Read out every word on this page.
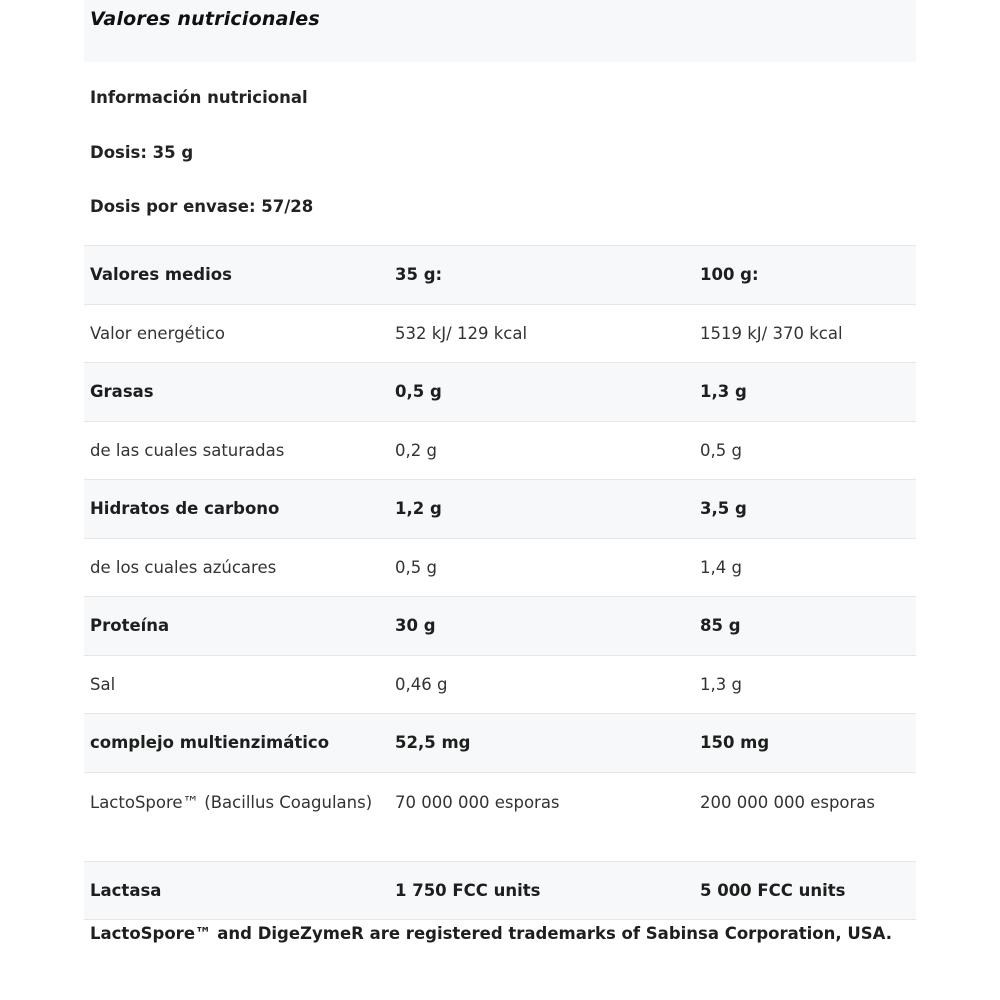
Valores nutricionales
Información nutricional
Dosis: 35 g
Dosis por envase: 57/28
Valores medios	35 g:	100 g:
Valor energético	532 kJ/ 129 kcal	1519 kJ/ 370 kcal
Grasas	0,5 g	1,3 g
de las cuales saturadas	0,2 g	0,5 g
Hidratos de carbono	1,2 g	3,5 g
de los cuales azúcares	0,5 g	1,4 g
Proteína	30 g	85 g
Sal	0,46 g	1,3 g
complejo multienzimático	52,5 mg	150 mg
LactoSpore™ (Bacillus Coagulans)	70 000 000 esporas	200 000 000 esporas
Lactasa	1 750 FCC units	5 000 FCC units
LactoSpore™ and DigeZymeR are registered trademarks of Sabinsa Corporation, USA.
